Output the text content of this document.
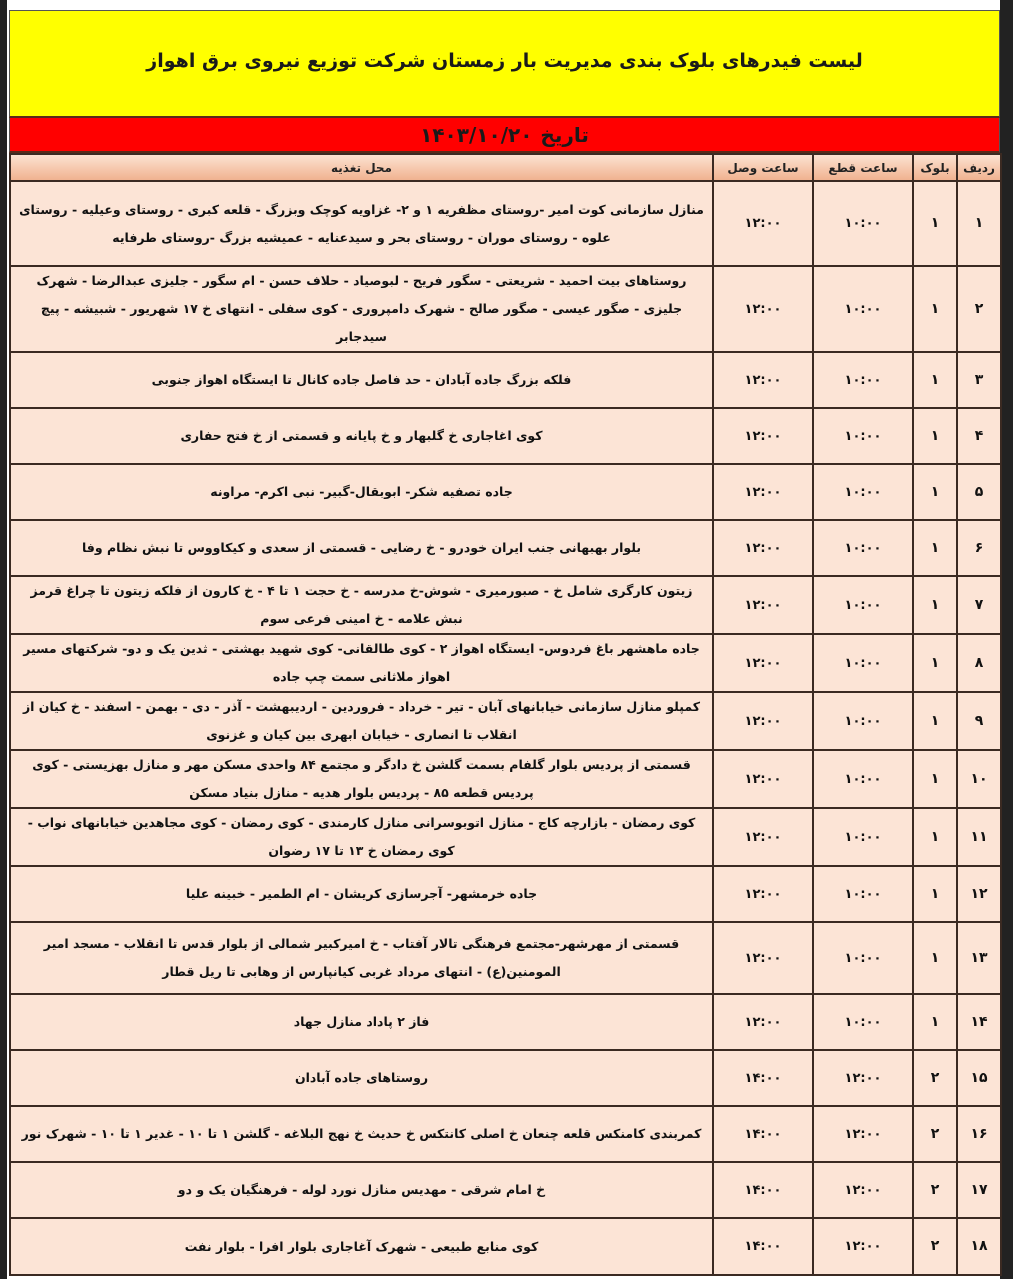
لیست فیدرهای بلوک بندی مدیریت بار زمستان شرکت توزیع نیروی برق اهواز
تاریخ
۱۴۰۳/۱۰/۲۰
ردیف	بلوک	ساعت قطع	ساعت وصل	محل تغذیه
۱	۱	۱۰:۰۰	۱۲:۰۰	منازل سازمانی کوت امیر -روستای مظفریه ۱ و ۲- غزاویه کوچک وبزرگ - قلعه کبری - روستای وعیلیه - روستای علوه - روستای موران - روستای بحر و سیدعنایه - عمیشیه بزرگ -روستای طرفایه
۲	۱	۱۰:۰۰	۱۲:۰۰	روستاهای بیت احمید - شریعتی - سگور فریح - لبوصیاد - حلاف حسن - ام سگور - جلیزی عبدالرضا - شهرک جلیزی - صگور عیسی - صگور صالح - شهرک دامپروری - کوی سفلی - انتهای خ ۱۷ شهریور - شبیشه - پیچ سیدجابر
۳	۱	۱۰:۰۰	۱۲:۰۰	فلکه بزرگ جاده آبادان - حد فاصل جاده کانال تا ایستگاه اهواز جنوبی
۴	۱	۱۰:۰۰	۱۲:۰۰	کوی اغاجاری خ گلبهار و خ پایانه و قسمتی از خ فتح حفاری
۵	۱	۱۰:۰۰	۱۲:۰۰	جاده تصفیه شکر- ابوبقال-گبیر- نبی اکرم- مراونه
۶	۱	۱۰:۰۰	۱۲:۰۰	بلوار بهبهانی جنب ایران خودرو - خ رضایی - قسمتی از سعدی و کیکاووس تا نبش نظام وفا
۷	۱	۱۰:۰۰	۱۲:۰۰	زیتون کارگری شامل خ - صبورمیری - شوش-خ مدرسه - خ حجت ۱ تا ۴ - خ کارون از فلکه زیتون تا چراغ قرمز نبش علامه - خ امینی فرعی سوم
۸	۱	۱۰:۰۰	۱۲:۰۰	جاده ماهشهر باغ فردوس- ایستگاه اهواز ۲ - کوی طالقانی- کوی شهید بهشتی - ثدین یک و دو- شرکتهای مسیر اهواز ملاثانی سمت چپ جاده
۹	۱	۱۰:۰۰	۱۲:۰۰	کمپلو منازل سازمانی خیابانهای آبان - تیر - خرداد - فروردین - اردیبهشت - آذر - دی - بهمن - اسفند - خ کیان از انقلاب تا انصاری - خیابان ابهری بین کیان و غزنوی
۱۰	۱	۱۰:۰۰	۱۲:۰۰	قسمتی از پردیس بلوار گلفام بسمت گلشن خ دادگر و مجتمع ۸۴ واحدی مسکن مهر و منازل بهزیستی - کوی پردیس قطعه ۸۵ - پردیس بلوار هدیه - منازل بنیاد مسکن
۱۱	۱	۱۰:۰۰	۱۲:۰۰	کوی رمضان - بازارچه کاج - منازل اتوبوسرانی منازل کارمندی - کوی رمضان - کوی مجاهدین خیابانهای نواب - کوی رمضان خ ۱۳ تا ۱۷ رضوان
۱۲	۱	۱۰:۰۰	۱۲:۰۰	جاده خرمشهر- آجرسازی کریشان - ام الطمیر - خبینه علیا
۱۳	۱	۱۰:۰۰	۱۲:۰۰	قسمتی از مهرشهر-مجتمع فرهنگی تالار آفتاب - خ امیرکبیر شمالی از بلوار قدس تا انقلاب - مسجد امیر المومنین(ع) - انتهای مرداد غربی کیانپارس از وهابی تا ریل قطار
۱۴	۱	۱۰:۰۰	۱۲:۰۰	فاز ۲ پاداد منازل جهاد
۱۵	۲	۱۲:۰۰	۱۴:۰۰	روستاهای جاده آبادان
۱۶	۲	۱۲:۰۰	۱۴:۰۰	کمربندی کامنکس قلعه چنعان خ اصلی کانتکس خ حدیث خ نهج البلاغه - گلشن ۱ تا ۱۰ - غدیر ۱ تا ۱۰ - شهرک نور
۱۷	۲	۱۲:۰۰	۱۴:۰۰	خ امام شرقی - مهدیس منازل نورد لوله - فرهنگیان یک و دو
۱۸	۲	۱۲:۰۰	۱۴:۰۰	کوی منابع طبیعی - شهرک آغاجاری بلوار افرا - بلوار نفت
